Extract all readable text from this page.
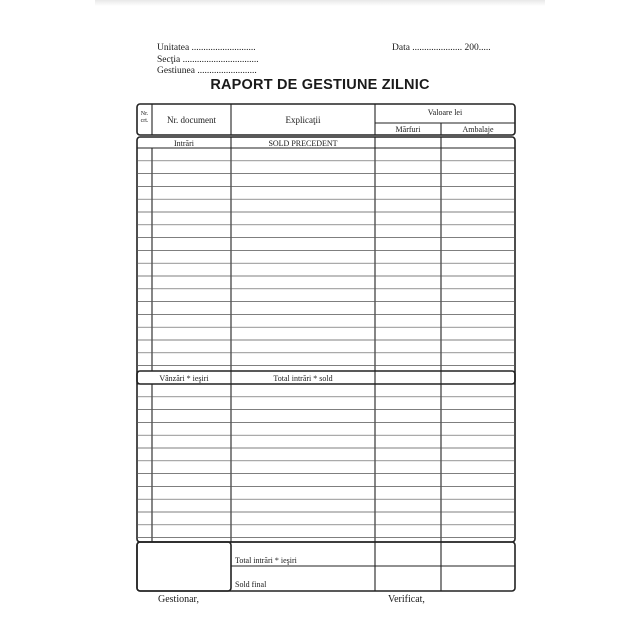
Unitatea ...........................
Secţia ................................
Gestiunea .........................
Data ..................... 200.....
RAPORT DE GESTIUNE ZILNIC
Nr.
crt.	Nr. document	Explicaţii
Valoare lei
Mărfuri	Ambalaje
Intrări	SOLD PRECEDENT
Vânzări * ieşiri	Total intrări * sold
Total intrări * ieşiri
Sold final
Gestionar,	Verificat,
